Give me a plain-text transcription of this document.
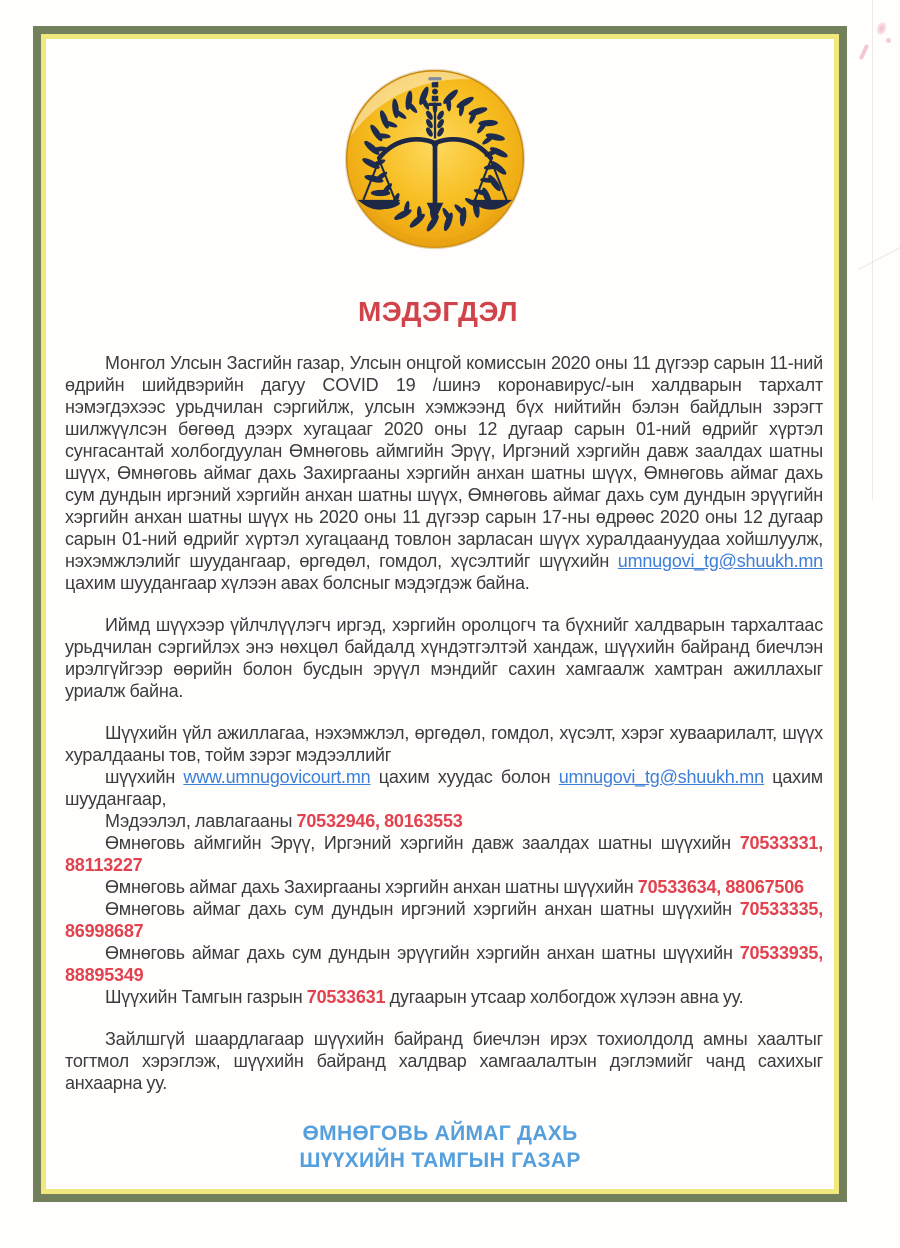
МЭДЭГДЭЛ

Монгол Улсын Засгийн газар, Улсын онцгой комиссын 2020 оны 11 дүгээр сарын 11-ний өдрийн шийдвэрийн дагуу COVID 19 /шинэ коронавирус/-ын халдварын тархалт нэмэгдэхээс урьдчилан сэргийлж, улсын хэмжээнд бүх нийтийн бэлэн байдлын зэрэгт шилжүүлсэн бөгөөд дээрх хугацааг 2020 оны 12 дугаар сарын 01-ний өдрийг хүртэл сунгасантай холбогдуулан Өмнөговь аймгийн Эрүү, Иргэний хэргийн давж заалдах шатны шүүх, Өмнөговь аймаг дахь Захиргааны хэргийн анхан шатны шүүх, Өмнөговь аймаг дахь сум дундын иргэний хэргийн анхан шатны шүүх, Өмнөговь аймаг дахь сум дундын эрүүгийн хэргийн анхан шатны шүүх нь 2020 оны 11 дүгээр сарын 17-ны өдрөөс 2020 оны 12 дугаар сарын 01-ний өдрийг хүртэл хугацаанд товлон зарласан шүүх хуралдаануудаа хойшлуулж, нэхэмжлэлийг шуудангаар, өргөдөл, гомдол, хүсэлтийг шүүхийн umnugovi_tg@shuukh.mn цахим шуудангаар хүлээн авах болсныг мэдэгдэж байна.

Иймд шүүхээр үйлчлүүлэгч иргэд, хэргийн оролцогч та бүхнийг халдварын тархалтаас урьдчилан сэргийлэх энэ нөхцөл байдалд хүндэтгэлтэй хандаж, шүүхийн байранд биечлэн ирэлгүйгээр өөрийн болон бусдын эрүүл мэндийг сахин хамгаалж хамтран ажиллахыг уриалж байна.

Шүүхийн үйл ажиллагаа, нэхэмжлэл, өргөдөл, гомдол, хүсэлт, хэрэг хуваарилалт, шүүх хуралдааны тов, тойм зэрэг мэдээллийг

шүүхийн www.umnugovicourt.mn цахим хуудас болон umnugovi_tg@shuukh.mn цахим шуудангаар,

Мэдээлэл, лавлагааны 70532946, 80163553

Өмнөговь аймгийн Эрүү, Иргэний хэргийн давж заалдах шатны шүүхийн 70533331, 88113227

Өмнөговь аймаг дахь Захиргааны хэргийн анхан шатны шүүхийн 70533634, 88067506

Өмнөговь аймаг дахь сум дундын иргэний хэргийн анхан шатны шүүхийн 70533335, 86998687

Өмнөговь аймаг дахь сум дундын эрүүгийн хэргийн анхан шатны шүүхийн 70533935, 88895349

Шүүхийн Тамгын газрын 70533631 дугаарын утсаар холбогдож хүлээн авна уу.

Зайлшгүй шаардлагаар шүүхийн байранд биечлэн ирэх тохиолдолд амны хаалтыг тогтмол хэрэглэж, шүүхийн байранд халдвар хамгаалалтын дэглэмийг чанд сахихыг анхаарна уу.

ӨМНӨГОВЬ АЙМАГ ДАХЬ
ШҮҮХИЙН ТАМГЫН ГАЗАР
